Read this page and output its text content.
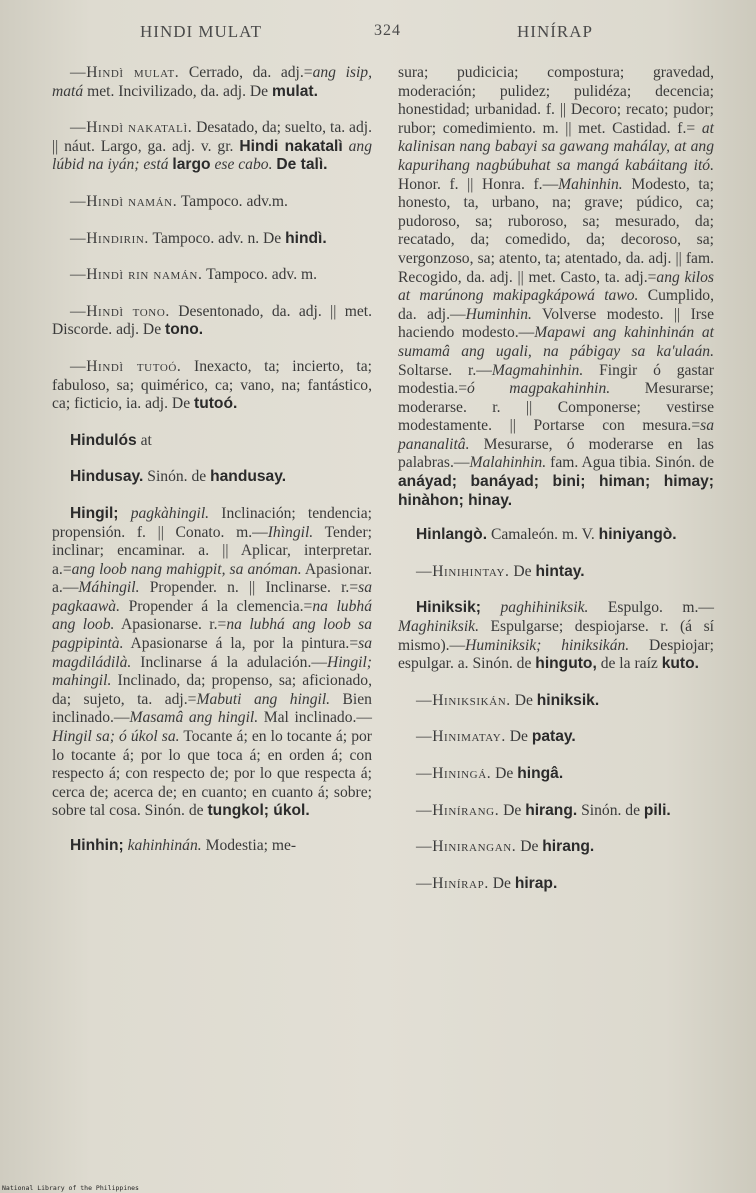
HINDI MULAT	324	HINÍRAP

—Hindì mulat. Cerrado, da. adj.=ang isip, matá met. Incivilizado, da. adj. De mulat.

—Hindì nakatalì. Desatado, da; suelto, ta. adj. || náut. Largo, ga. adj. v. gr. Hindi nakatalì ang lúbid na iyán; está largo ese cabo. De talì.

—Hindì namán. Tampoco. adv.m.

—Hindirin. Tampoco. adv. n. De hindì.

—Hindì rin namán. Tampoco. adv. m.

—Hindì tono. Desentonado, da. adj. || met. Discorde. adj. De tono.

—Hindì tutoó. Inexacto, ta; incierto, ta; fabuloso, sa; quimérico, ca; vano, na; fantástico, ca; ficticio, ia. adj. De tutoó.

Hindulós at

Hindusay. Sinón. de handusay.

Hingil; pagkàhingil. Inclinación; tendencia; propensión. f. || Conato. m.—Ihìngil. Tender; inclinar; encaminar. a. || Aplicar, interpretar. a.=ang loob nang mahigpit, sa anóman. Apasionar. a.—Máhingil. Propender. n. || Inclinarse. r.=sa pagkaawà. Propender á la clemencia.=na lubhá ang loob. Apasionarse. r.=na lubhá ang loob sa pagpipintà. Apasionarse á la, por la pintura.=sa magdiládilà. Inclinarse á la adulación.—Hingil; mahingil. Inclinado, da; propenso, sa; aficionado, da; sujeto, ta. adj.=Mabuti ang hingil. Bien inclinado.—Masamâ ang hingil. Mal inclinado.—Hingil sa; ó úkol sa. Tocante á; en lo tocante á; por lo tocante á; por lo que toca á; en orden á; con respecto á; con respecto de; por lo que respecta á; cerca de; acerca de; en cuanto; en cuanto á; sobre; sobre tal cosa. Sinón. de tungkol; úkol.

Hinhin; kahinhinán. Modestia; me-

sura; pudicicia; compostura; gravedad, moderación; pulidez; pulidéza; decencia; honestidad; urbanidad. f. || Decoro; recato; pudor; rubor; comedimiento. m. || met. Castidad. f.= at kalinisan nang babayi sa gawang mahálay, at ang kapurihang nagbúbuhat sa mangá kabáitang itó. Honor. f. || Honra. f.—Mahinhin. Modesto, ta; honesto, ta, urbano, na; grave; púdico, ca; pudoroso, sa; ruboroso, sa; mesurado, da; recatado, da; comedido, da; decoroso, sa; vergonzoso, sa; atento, ta; atentado, da. adj. || fam. Recogido, da. adj. || met. Casto, ta. adj.=ang kilos at marúnong makipagkápowá tawo. Cumplido, da. adj.—Huminhin. Volverse modesto. || Irse haciendo modesto.—Mapawi ang kahinhinán at sumamâ ang ugali, na pábigay sa ka'ulaán. Soltarse. r.—Magmahinhin. Fingir ó gastar modestia.=ó magpakahinhin. Mesurarse; moderarse. r. || Componerse; vestirse modestamente. || Portarse con mesura.=sa pananalitâ. Mesurarse, ó moderarse en las palabras.—Malahinhin. fam. Agua tibia. Sinón. de anáyad; banáyad; bini; himan; himay; hinàhon; hinay.

Hinlangò. Camaleón. m. V. hiniyangò.

—Hinihintay. De hintay.

Hiniksik; paghihiniksik. Espulgo. m.—Maghiniksik. Espulgarse; despiojarse. r. (á sí mismo).—Huminiksik; hiniksikán. Despiojar; espulgar. a. Sinón. de hinguto, de la raíz kuto.

—Hiniksikán. De hiniksik.

—Hinimatay. De patay.

—Hiningá. De hingâ.

—Hinírang. De hirang. Sinón. de pili.

—Hinirangan. De hirang.

—Hinírap. De hirap.

National Library of the Philippines
